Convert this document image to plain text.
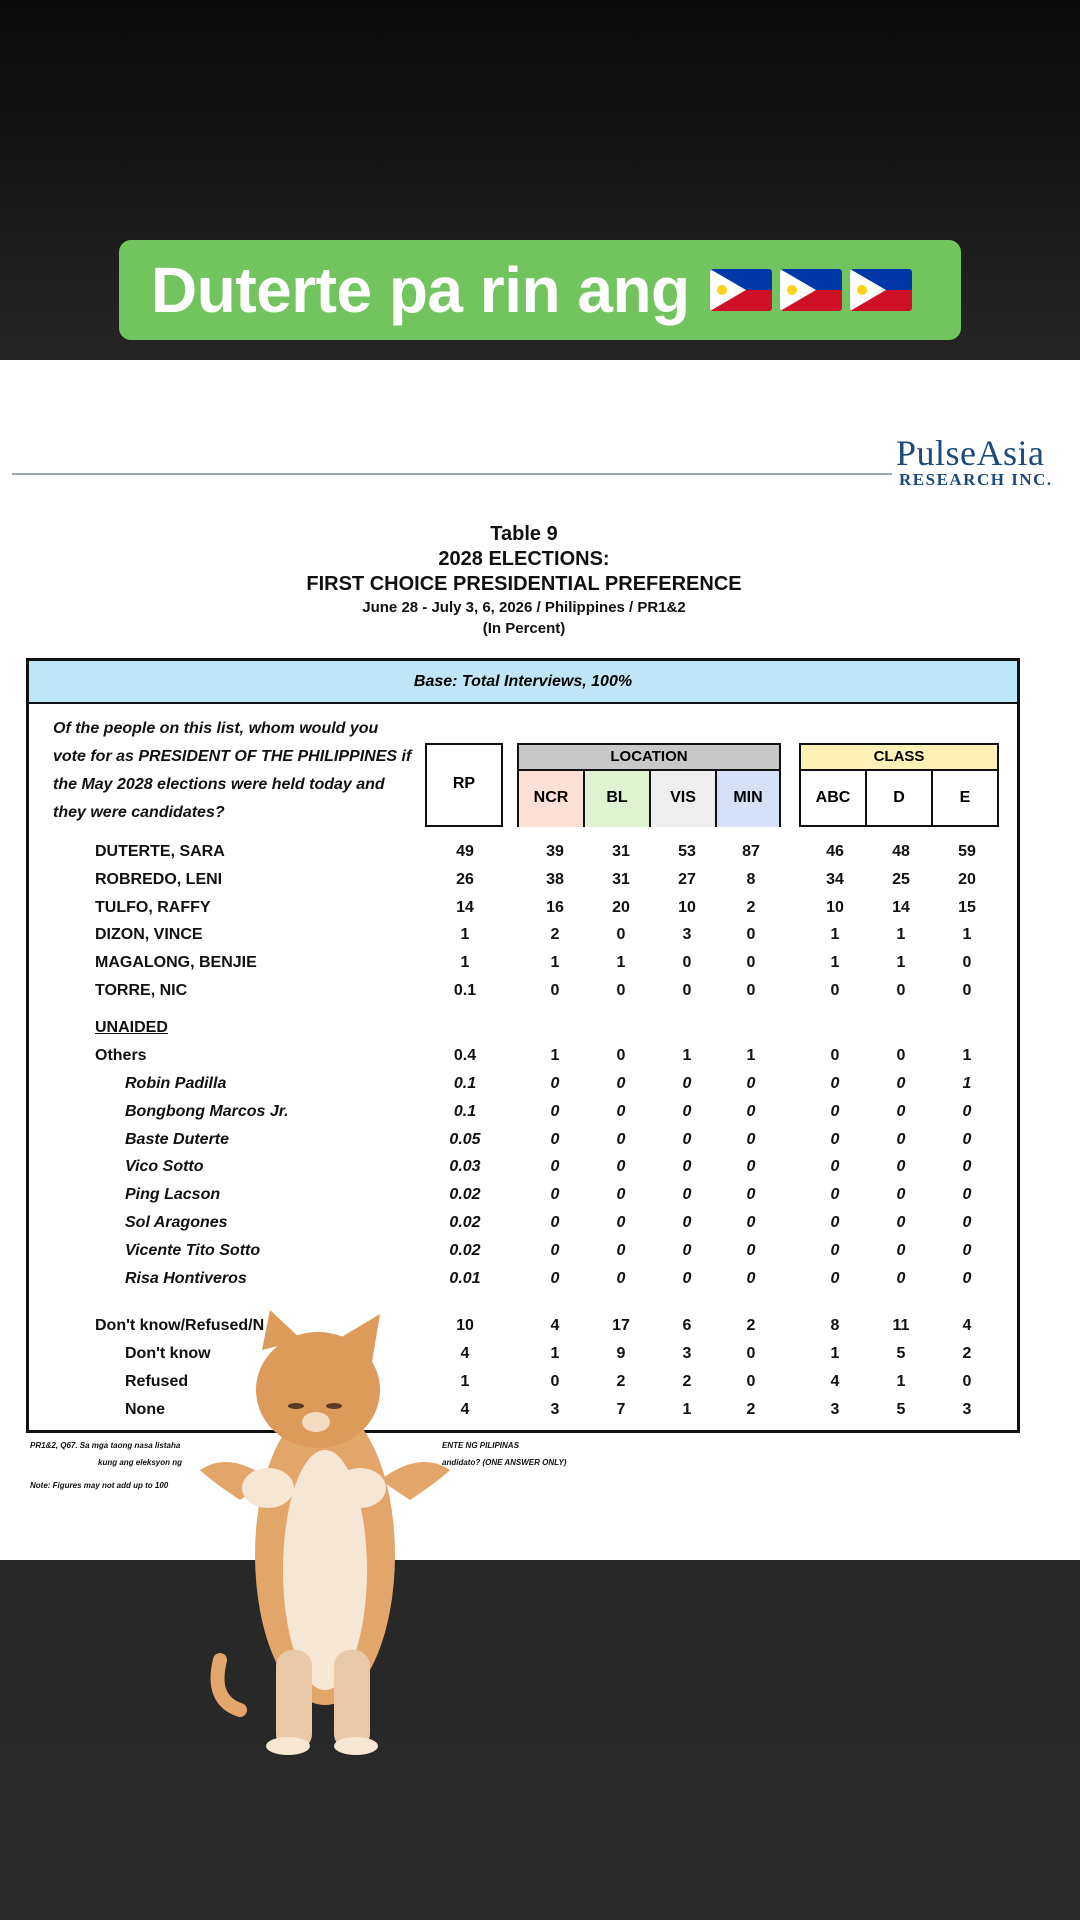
Duterte pa rin ang
PulseAsia
RESEARCH INC.
Table 9
2028 ELECTIONS:
FIRST CHOICE PRESIDENTIAL PREFERENCE
June 28 - July 3, 6, 2026 / Philippines / PR1&2
(In Percent)
Base: Total Interviews, 100%
Of the people on this list, whom would you vote for as PRESIDENT OF THE PHILIPPINES if the May 2028 elections were held today and they were candidates?
RP
LOCATION
NCR	BL	VIS	MIN
CLASS
ABC	D	E
DUTERTE, SARA	49	39	31	53	87	46	48	59
ROBREDO, LENI	26	38	31	27	8	34	25	20
TULFO, RAFFY	14	16	20	10	2	10	14	15
DIZON, VINCE	1	2	0	3	0	1	1	1
MAGALONG, BENJIE	1	1	1	0	0	1	1	0
TORRE, NIC	0.1	0	0	0	0	0	0	0
Others	0.4	1	0	1	1	0	0	1
Robin Padilla	0.1	0	0	0	0	0	0	1
Bongbong Marcos Jr.	0.1	0	0	0	0	0	0	0
Baste Duterte	0.05	0	0	0	0	0	0	0
Vico Sotto	0.03	0	0	0	0	0	0	0
Ping Lacson	0.02	0	0	0	0	0	0	0
Sol Aragones	0.02	0	0	0	0	0	0	0
Vicente Tito Sotto	0.02	0	0	0	0	0	0	0
Risa Hontiveros	0.01	0	0	0	0	0	0	0
Don't know/Refused/N	10	4	17	6	2	8	11	4
Don't know	4	1	9	3	0	1	5	2
Refused	1	0	2	2	0	4	1	0
None	4	3	7	1	2	3	5	3
UNAIDED
PR1&2, Q67. Sa mga taong nasa listaha	ENTE NG PILIPINAS
kung ang eleksyon ng	andidato? (ONE ANSWER ONLY)
Note: Figures may not add up to 100
